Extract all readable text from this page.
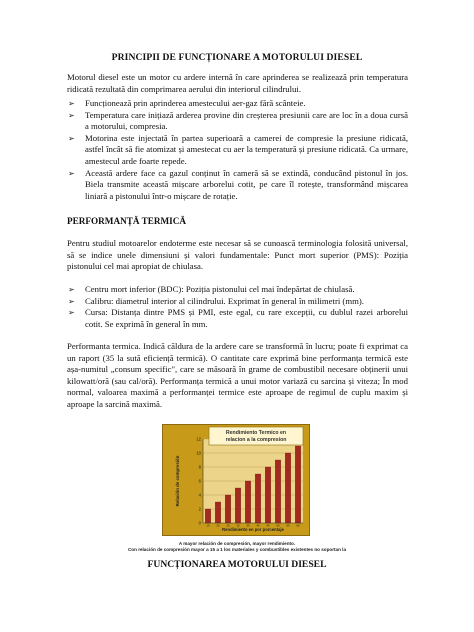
PRINCIPII DE FUNCȚIONARE A MOTORULUI DIESEL
Motorul diesel este un motor cu ardere internă în care aprinderea se realizează prin temperatura ridicată rezultată din comprimarea aerului din interiorul cilindrului.
➢ Funcționează prin aprinderea amestecului aer-gaz fără scânteie.
➢ Temperatura care inițiază arderea provine din creșterea presiunii care are loc în a doua cursă a motorului, compresia.
➢ Motorina este injectată în partea superioară a camerei de compresie la presiune ridicată, astfel încât să fie atomizat și amestecat cu aer la temperatură și presiune ridicată. Ca urmare, amestecul arde foarte repede.
➢ Această ardere face ca gazul conținut în cameră să se extindă, conducând pistonul în jos. Biela transmite această mișcare arborelui cotit, pe care îl rotește, transformând mișcarea liniară a pistonului într-o mișcare de rotație.
PERFORMANȚĂ TERMICĂ
Pentru studiul motoarelor endoterme este necesar să se cunoască terminologia folosită universal, să se indice unele dimensiuni și valori fundamentale: Punct mort superior (PMS): Poziția pistonului cel mai apropiat de chiulasa.
➢ Centru mort inferior (BDC): Poziția pistonului cel mai îndepărtat de chiulasă.
➢ Calibru: diametrul interior al cilindrului. Exprimat în general în milimetri (mm).
➢ Cursa: Distanța dintre PMS și PMI, este egal, cu rare excepții, cu dublul razei arborelui cotit. Se exprimă în general în mm.
Performanta termica. Indică căldura de la ardere care se transformă în lucru; poate fi exprimat ca un raport (35 la sută eficiență termică). O cantitate care exprimă bine performanța termică este așa-numitul „consum specific", care se măsoară în grame de combustibil necesare obținerii unui kilowatt/oră (sau cal/oră). Performanța termică a unui motor variază cu sarcina și viteza; În mod normal, valoarea maximă a performanței termice este aproape de regimul de cuplu maxim și aproape la sarcină maximă.
0
2
4
6
8
10
12
15 20 25 30 35 40 45 50 55 60
Rendimiento Termico en
relacion a la compresion
Relación de compresión
Rendimiento en por porcentaje
A mayor relación de compresión, mayor rendimiento.
Con relación de compresión mayor a 15 a 1 los materiales y combustibles existentes no soportan la
FUNCȚIONAREA MOTORULUI DIESEL
